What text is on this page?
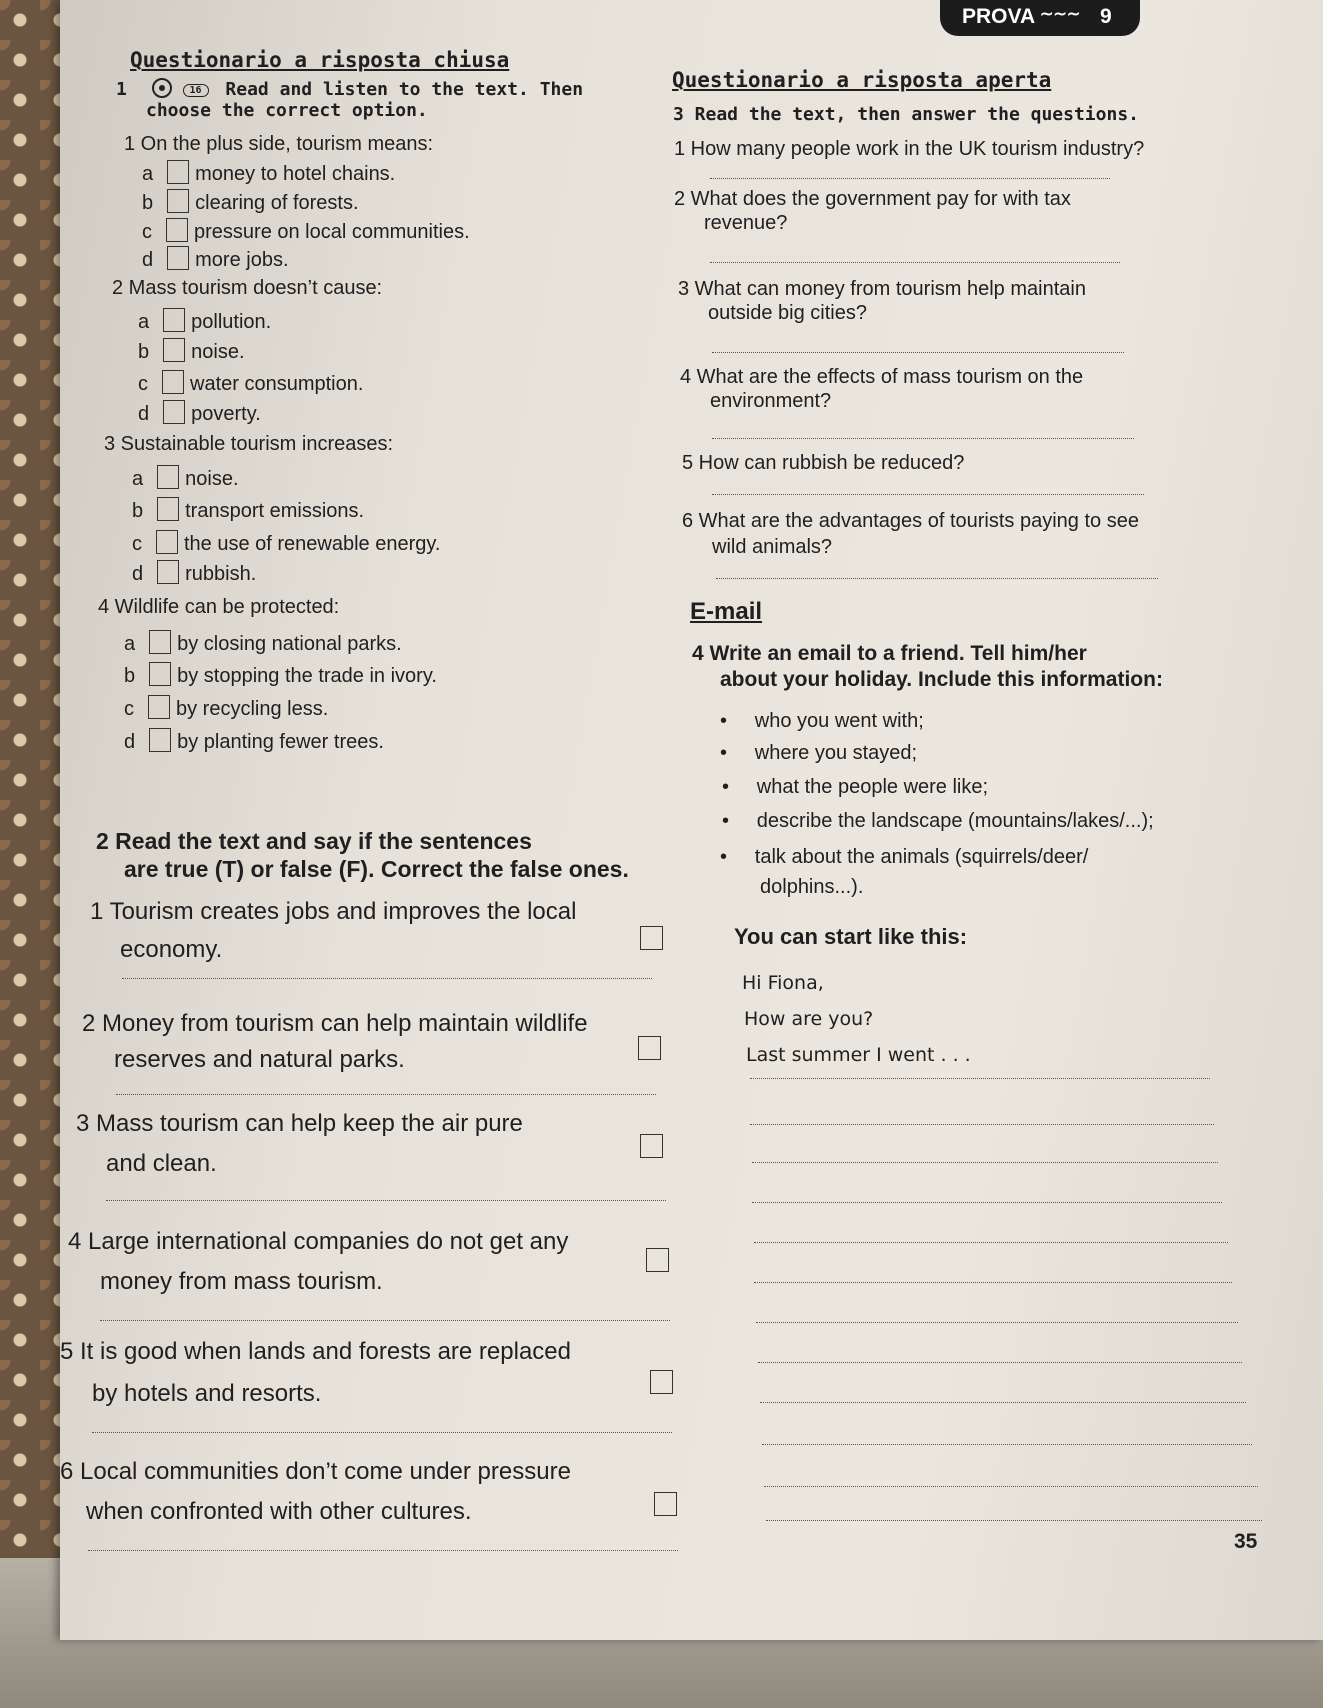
PROVA ∼∼∼ 9
Questionario a risposta chiusa
1	16 Read and listen to the text. Then
choose the correct option.
1 On the plus side, tourism means:
a money to hotel chains.
b clearing of forests.
c pressure on local communities.
d more jobs.
2 Mass tourism doesn’t cause:
a pollution.
b noise.
c water consumption.
d poverty.
3 Sustainable tourism increases:
a noise.
b transport emissions.
c the use of renewable energy.
d rubbish.
4 Wildlife can be protected:
a by closing national parks.
b by stopping the trade in ivory.
c by recycling less.
d by planting fewer trees.
2 Read the text and say if the sentences
are true (T) or false (F). Correct the false ones.
1 Tourism creates jobs and improves the local
economy.
2 Money from tourism can help maintain wildlife
reserves and natural parks.
3 Mass tourism can help keep the air pure
and clean.
4 Large international companies do not get any
money from mass tourism.
5 It is good when lands and forests are replaced
by hotels and resorts.
6 Local communities don’t come under pressure
when confronted with other cultures.
Questionario a risposta aperta
3 Read the text, then answer the questions.
1 How many people work in the UK tourism industry?
2 What does the government pay for with tax
revenue?
3 What can money from tourism help maintain
outside big cities?
4 What are the effects of mass tourism on the
environment?
5 How can rubbish be reduced?
6 What are the advantages of tourists paying to see
wild animals?
E-mail
4 Write an email to a friend. Tell him/her
about your holiday. Include this information:
•     who you went with;
•     where you stayed;
•     what the people were like;
•     describe the landscape (mountains/lakes/...);
•     talk about the animals (squirrels/deer/
dolphins...).
You can start like this:
Hi Fiona,
How are you?
Last summer I went . . .
35
